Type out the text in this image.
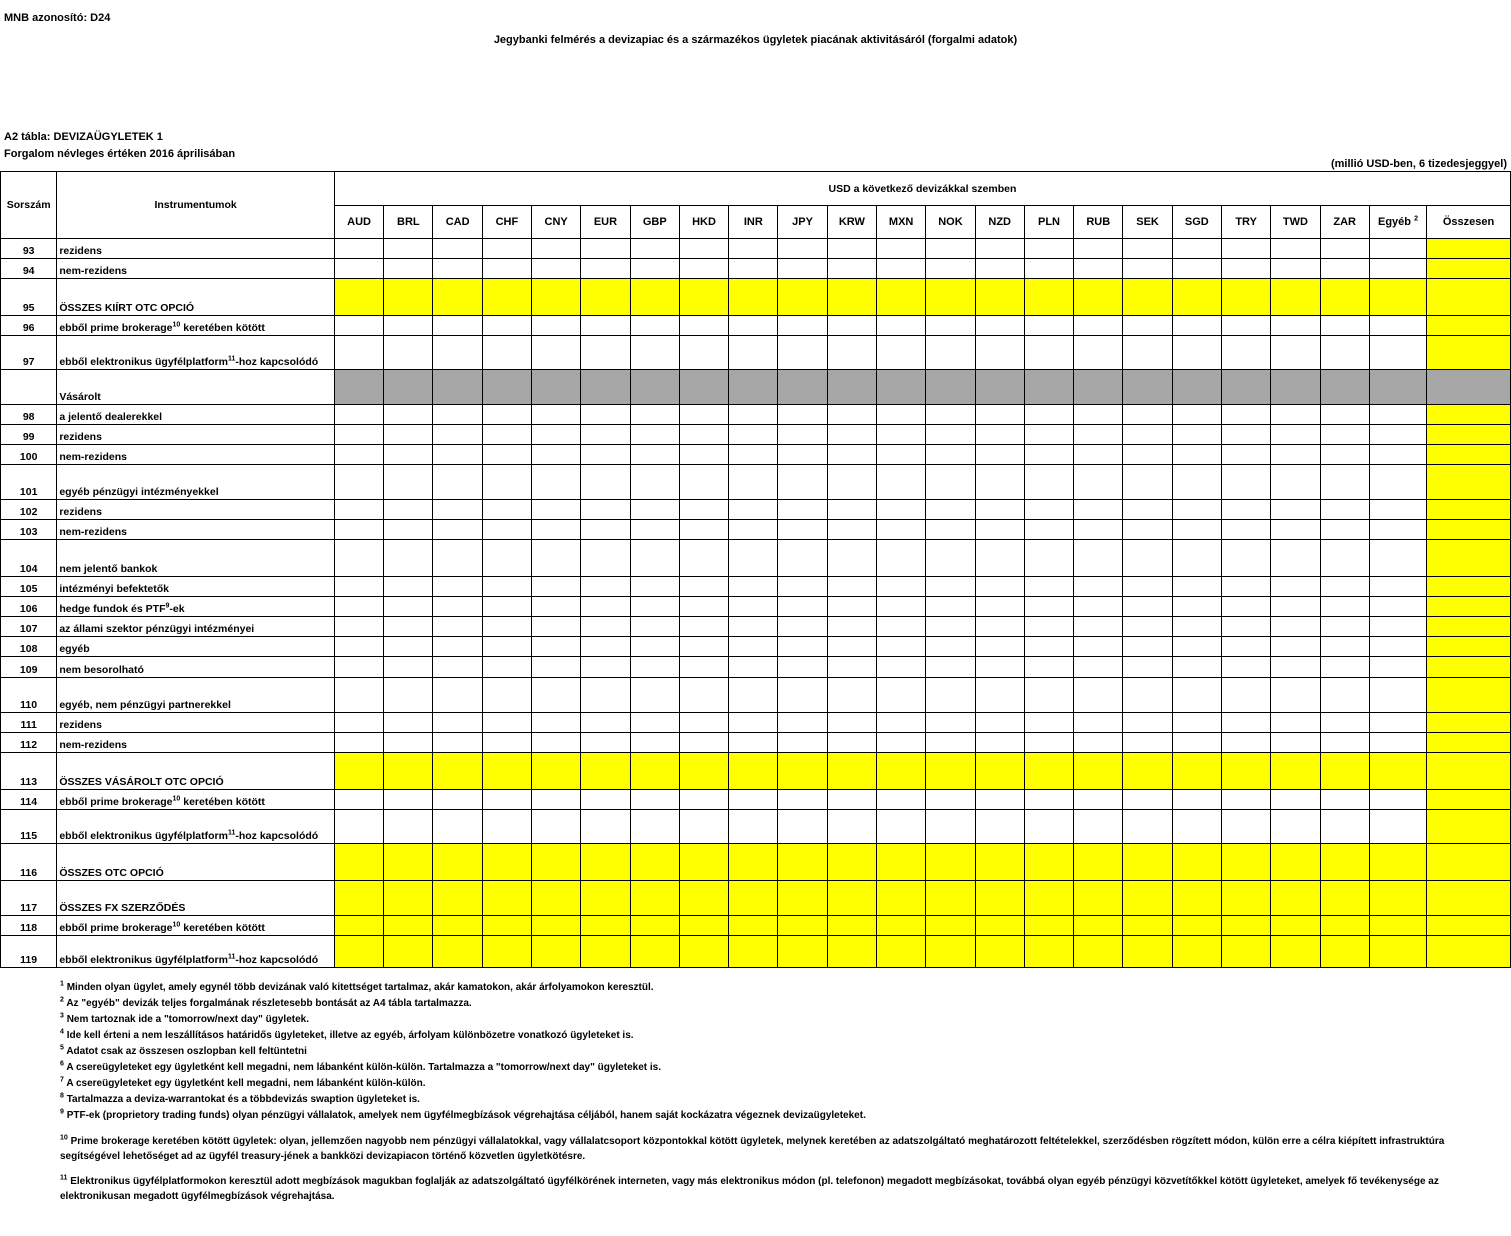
MNB azonosító: D24
Jegybanki felmérés a devizapiac és a származékos ügyletek piacának aktivitásáról (forgalmi adatok)
A2 tábla: DEVIZAÜGYLETEK 1
Forgalom névleges értéken 2016 áprilisában
(millió USD-ben, 6 tizedesjeggyel)
Sorszám	Instrumentumok	USD a következő devizákkal szemben																						
		AUD	BRL	CAD	CHF	CNY	EUR	GBP	HKD	INR	JPY	KRW	MXN	NOK	NZD	PLN	RUB	SEK	SGD	TRY	TWD	ZAR	Egyéb $^2$	Összesen
93	rezidens																							
94	nem-rezidens																							
95	ÖSSZES KIÍRT OTC OPCIÓ																							
96	ebből prime brokerage$^{10}$ keretében kötött																							
97	ebből elektronikus ügyfélplatform$^{11}$-hoz kapcsolódó																							
	Vásárolt																							
98	a jelentő dealerekkel																							
99	rezidens																							
100	nem-rezidens																							
101	egyéb pénzügyi intézményekkel																							
102	rezidens																							
103	nem-rezidens																							
104	nem jelentő bankok																							
105	intézményi befektetők																							
106	hedge fundok és PTF$^9$-ek																							
107	az állami szektor pénzügyi intézményei																							
108	egyéb																							
109	nem besorolható																							
110	egyéb, nem pénzügyi partnerekkel																							
111	rezidens																							
112	nem-rezidens																							
113	ÖSSZES VÁSÁROLT OTC OPCIÓ																							
114	ebből prime brokerage$^{10}$ keretében kötött																							
115	ebből elektronikus ügyfélplatform$^{11}$-hoz kapcsolódó																							
116	ÖSSZES OTC OPCIÓ																							
117	ÖSSZES FX SZERZŐDÉS																							
118	ebből prime brokerage$^{10}$ keretében kötött																							
119	ebből elektronikus ügyfélplatform$^{11}$-hoz kapcsolódó																							
$^1$ Minden olyan ügylet, amely egynél több devizának való kitettséget tartalmaz, akár kamatokon, akár árfolyamokon keresztül.
$^2$ Az "egyéb" devizák teljes forgalmának részletesebb bontását az A4 tábla tartalmazza.
$^3$ Nem tartoznak ide a "tomorrow/next day" ügyletek.
$^4$ Ide kell érteni a nem leszállításos határidős ügyleteket, illetve az egyéb, árfolyam különbözetre vonatkozó ügyleteket is.
$^5$ Adatot csak az összesen oszlopban kell feltüntetni
$^6$ A csereügyleteket egy ügyletként kell megadni, nem lábanként külön-külön. Tartalmazza a "tomorrow/next day" ügyleteket is.
$^7$ A csereügyleteket egy ügyletként kell megadni, nem lábanként külön-külön.
$^8$ Tartalmazza a deviza-warrantokat és a többdevizás swaption ügyleteket is.
$^9$ PTF-ek (proprietory trading funds) olyan pénzügyi vállalatok, amelyek nem ügyfélmegbízások végrehajtása céljából, hanem saját kockázatra végeznek devizaügyleteket.
$^{10}$ Prime brokerage keretében kötött ügyletek: olyan, jellemzően nagyobb nem pénzügyi vállalatokkal, vagy vállalatcsoport központokkal kötött ügyletek, melynek keretében az adatszolgáltató meghatározott feltételekkel, szerződésben rögzített módon, külön erre a célra kiépített infrastruktúra segítségével lehetőséget ad az ügyfél treasury-jének a bankközi devizapiacon történő közvetlen ügyletkötésre.
$^{11}$ Elektronikus ügyfélplatformokon keresztül adott megbízások magukban foglalják az adatszolgáltató ügyfélkörének interneten, vagy más elektronikus módon (pl. telefonon) megadott megbízásokat, továbbá olyan egyéb pénzügyi közvetítőkkel kötött ügyleteket, amelyek fő tevékenysége az elektronikusan megadott ügyfélmegbízások végrehajtása.
